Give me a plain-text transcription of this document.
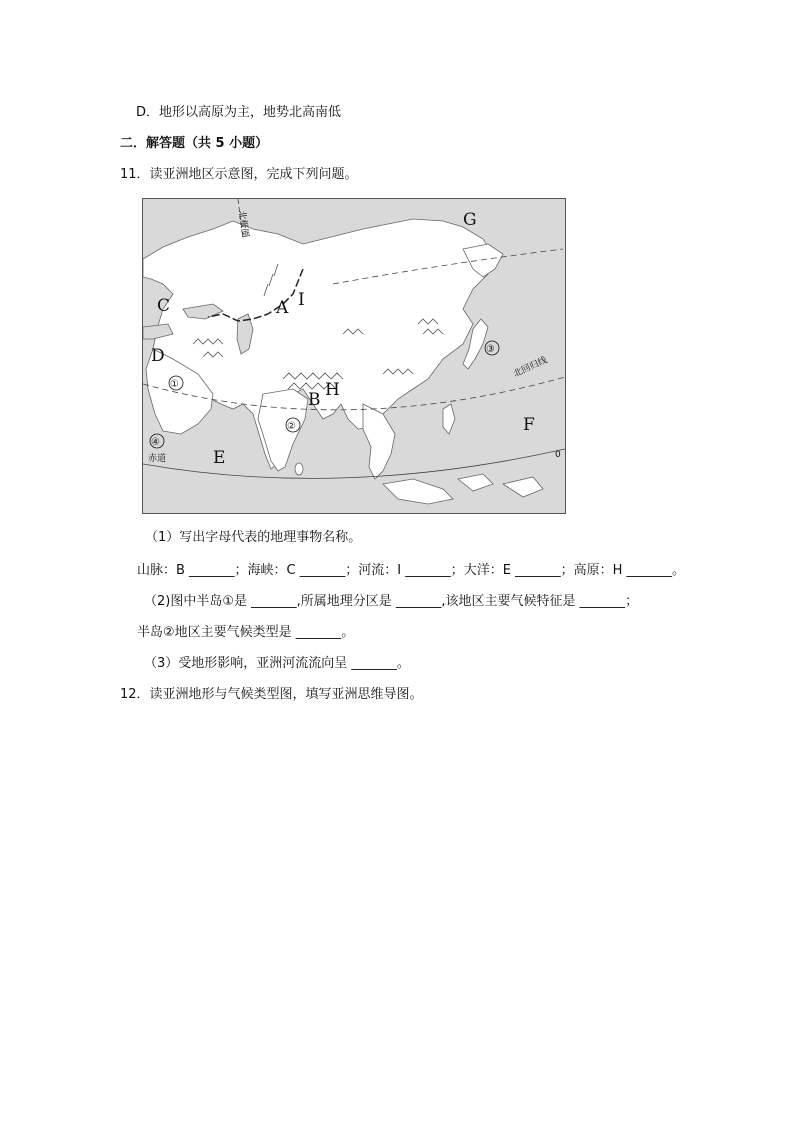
D．地形以高原为主，地势北高南低
二．解答题（共 5 小题）
11．读亚洲地区示意图，完成下列问题。
北极圈
北回归线
赤道	0
A I
B H
C
D
E
F
G
①
②
③
④
（1）写出字母代表的地理事物名称。
山脉：B _______；海峡：C _______；河流：I _______；大洋：E _______；高原：H _______。
（2)图中半岛①是 _______,所属地理分区是 _______,该地区主要气候特征是 _______；
半岛②地区主要气候类型是 _______。
（3）受地形影响，亚洲河流流向呈 _______。
12．读亚洲地形与气候类型图，填写亚洲思维导图。
